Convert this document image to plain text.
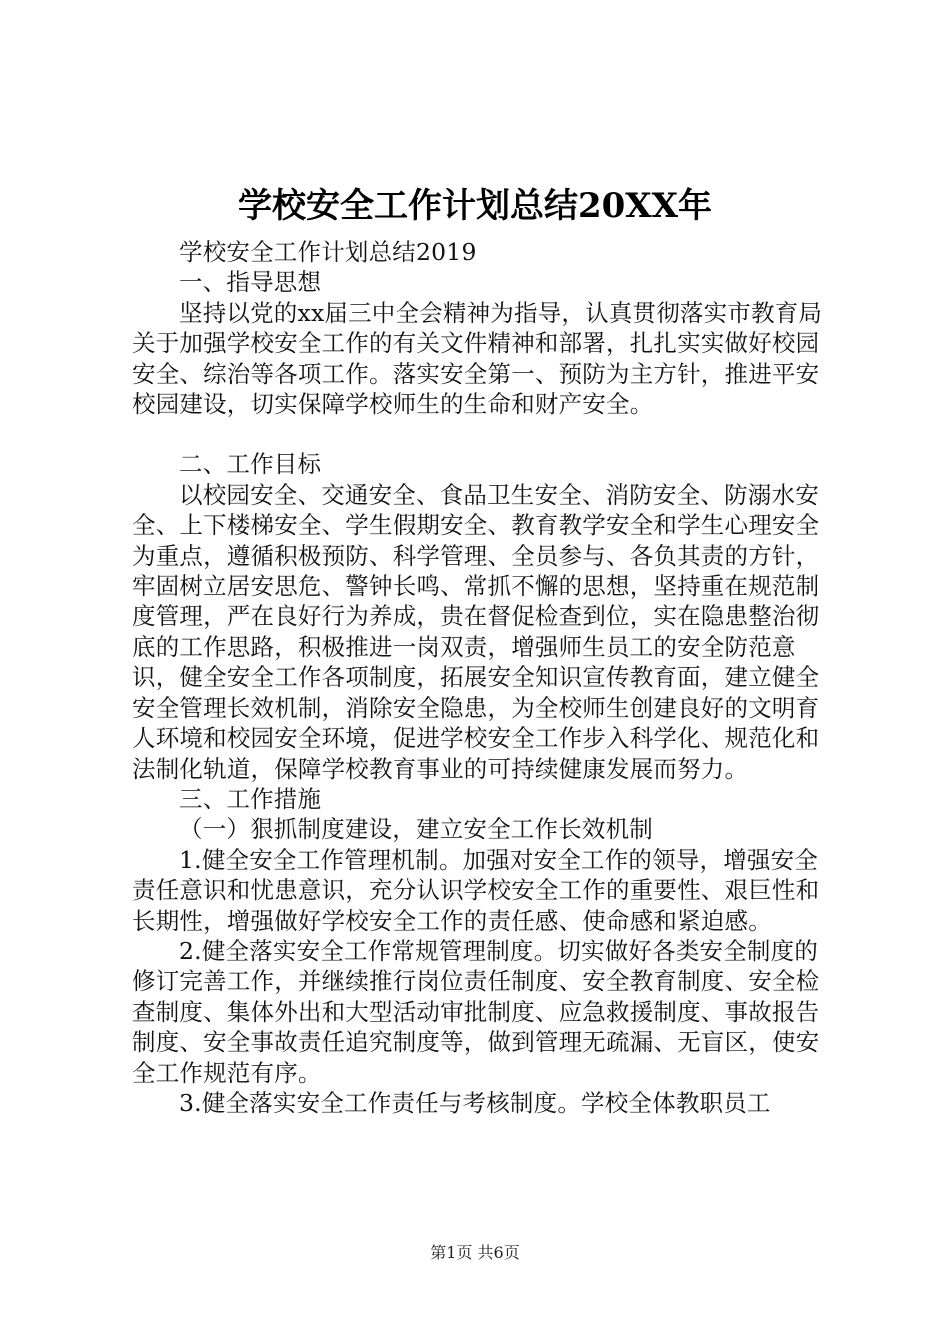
学校安全工作计划总结20XX年

学校安全工作计划总结2019

一、指导思想

坚持以党的xx届三中全会精神为指导，认真贯彻落实市教育局关于加强学校安全工作的有关文件精神和部署，扎扎实实做好校园安全、综治等各项工作。落实安全第一、预防为主方针，推进平安校园建设，切实保障学校师生的生命和财产安全。

二、工作目标

以校园安全、交通安全、食品卫生安全、消防安全、防溺水安全、上下楼梯安全、学生假期安全、教育教学安全和学生心理安全为重点，遵循积极预防、科学管理、全员参与、各负其责的方针，牢固树立居安思危、警钟长鸣、常抓不懈的思想，坚持重在规范制度管理，严在良好行为养成，贵在督促检查到位，实在隐患整治彻底的工作思路，积极推进一岗双责，增强师生员工的安全防范意识，健全安全工作各项制度，拓展安全知识宣传教育面，建立健全安全管理长效机制，消除安全隐患，为全校师生创建良好的文明育人环境和校园安全环境，促进学校安全工作步入科学化、规范化和法制化轨道，保障学校教育事业的可持续健康发展而努力。

三、工作措施

（一）狠抓制度建设，建立安全工作长效机制

1.健全安全工作管理机制。加强对安全工作的领导，增强安全责任意识和忧患意识，充分认识学校安全工作的重要性、艰巨性和长期性，增强做好学校安全工作的责任感、使命感和紧迫感。

2.健全落实安全工作常规管理制度。切实做好各类安全制度的修订完善工作，并继续推行岗位责任制度、安全教育制度、安全检查制度、集体外出和大型活动审批制度、应急救援制度、事故报告制度、安全事故责任追究制度等，做到管理无疏漏、无盲区，使安全工作规范有序。

3.健全落实安全工作责任与考核制度。学校全体教职员工

第1页 共6页
